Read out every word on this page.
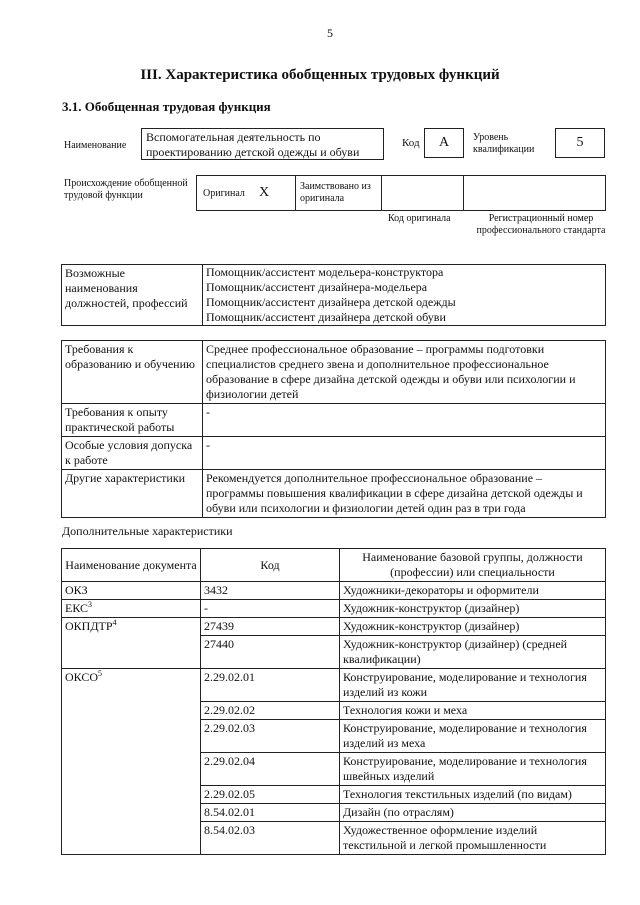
5
III. Характеристика обобщенных трудовых функций
3.1. Обобщенная трудовая функция
Наименование
Вспомогательная деятельность по проектированию детской одежды и обуви
Код	А	Уровень квалификации	5
Происхождение обобщенной трудовой функции	Оригинал Х	Заимствовано из оригинала
Код оригинала	Регистрационный номер профессионального стандарта
Возможные наименования должностей, профессий	
Помощник/ассистент модельера-конструктора
Помощник/ассистент дизайнера-модельера
Помощник/ассистент дизайнера детской одежды
Помощник/ассистент дизайнера детской обуви
Требования к образованию и обучению	Среднее профессиональное образование – программы подготовки специалистов среднего звена и дополнительное профессиональное образование в сфере дизайна детской одежды и обуви или психологии и физиологии детей
Требования к опыту практической работы	-
Особые условия допуска к работе	-
Другие характеристики	Рекомендуется дополнительное профессиональное образование – программы повышения квалификации в сфере дизайна детской одежды и обуви или психологии и физиологии детей один раз в три года
Дополнительные характеристики
Наименование документа	Код	Наименование базовой группы, должности (профессии) или специальности
ОКЗ	3432	Художники-декораторы и оформители
ЕКС$^3$	-	Художник-конструктор (дизайнер)
ОКПДТР$^4$	27439	Художник-конструктор (дизайнер)
	27440	Художник-конструктор (дизайнер) (средней квалификации)
ОКСО$^5$	2.29.02.01	Конструирование, моделирование и технология изделий из кожи
	2.29.02.02	Технология кожи и меха
	2.29.02.03	Конструирование, моделирование и технология изделий из меха
	2.29.02.04	Конструирование, моделирование и технология швейных изделий
	2.29.02.05	Технология текстильных изделий (по видам)
	8.54.02.01	Дизайн (по отраслям)
	8.54.02.03	Художественное оформление изделий текстильной и легкой промышленности
